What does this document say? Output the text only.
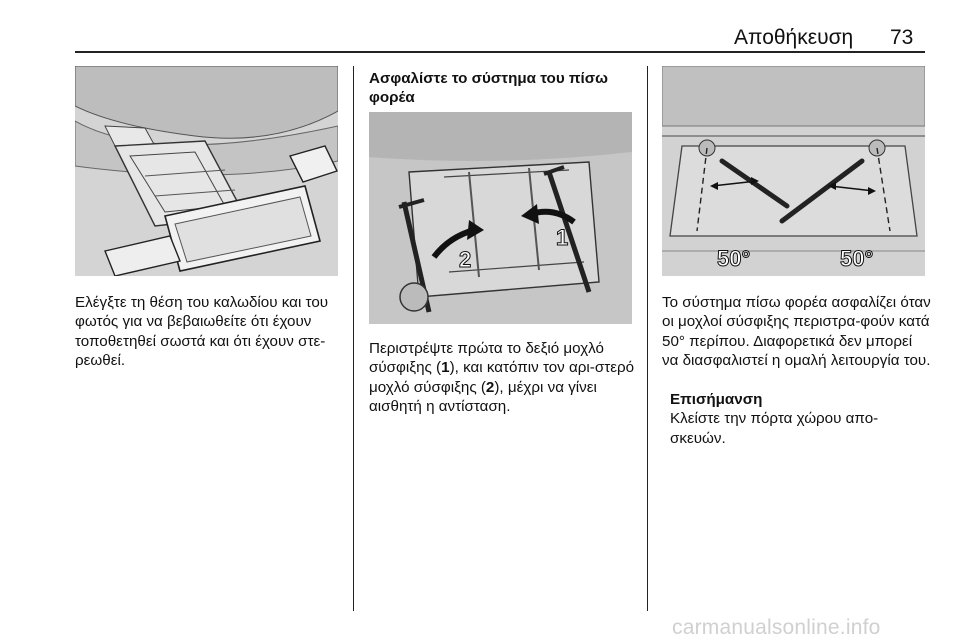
Αποθήκευση 73
Ελέγξτε τη θέση του καλωδίου και του φωτός για να βεβαιωθείτε ότι έχουν τοποθετηθεί σωστά και ότι έχουν στε-ρεωθεί.
Ασφαλίστε το σύστημα του πίσω φορέα
1
2
Περιστρέψτε πρώτα το δεξιό μοχλό σύσφιξης (1), και κατόπιν τον αρι-στερό μοχλό σύσφιξης (2), μέχρι να γίνει αισθητή η αντίσταση.
50°	50°
Το σύστημα πίσω φορέα ασφαλίζει όταν οι μοχλοί σύσφιξης περιστρα-φούν κατά 50° περίπου. Διαφορετικά δεν μπορεί να διασφαλιστεί η ομαλή λειτουργία του.
Επισήμανση
Κλείστε την πόρτα χώρου απο-σκευών.
carmanualsonline.info
